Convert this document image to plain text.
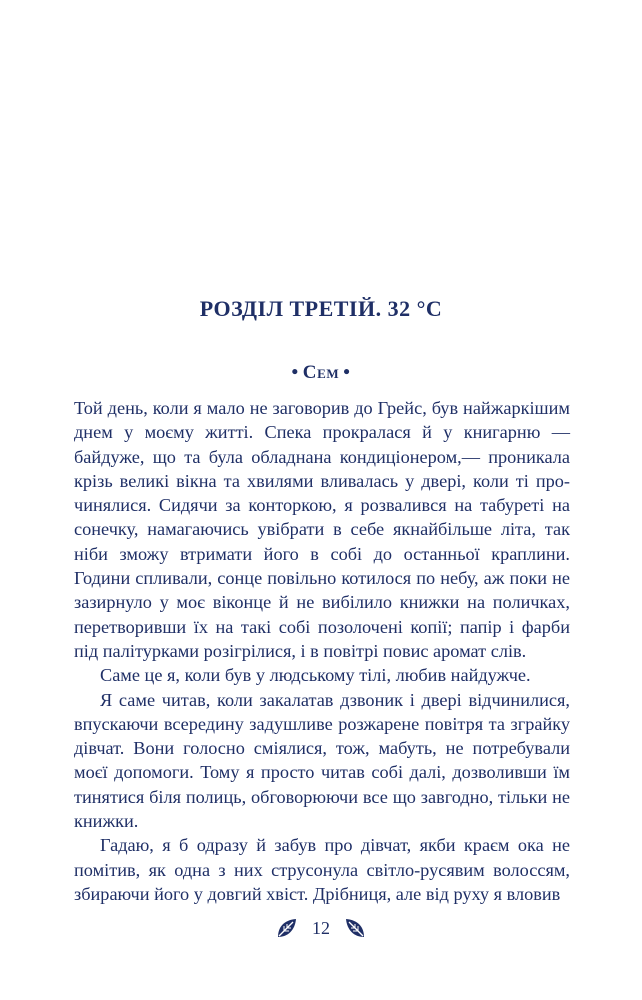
РОЗДІЛ ТРЕТІЙ. 32 °C
• Сем •

Той день, коли я мало не заговорив до Грейс, був найжаркішим днем у моєму житті. Спека прокралася й у книгарню — байдуже, що та була обладнана кондиціонером,— проникала крізь великі вікна та хвилями вливалась у двері, коли ті прочинялися. Сидячи за конторкою, я розвалився на табуреті на сонечку, намагаючись увібрати в себе якнайбільше літа, так ніби зможу втримати його в собі до останньої краплини. Години спливали, сонце повільно котилося по небу, аж поки не зазирнуло у моє віконце й не вибілило книжки на поличках, перетворивши їх на такі собі позолочені копії; папір і фарби під палітурками розігрілися, і в повітрі повис аромат слів.

Саме це я, коли був у людському тілі, любив найдужче.

Я саме читав, коли закалатав дзвоник і двері відчинилися, впускаючи всередину задушливе розжарене повітря та зграйку дівчат. Вони голосно сміялися, тож, мабуть, не потребували моєї допомоги. Тому я просто читав собі далі, дозволивши їм тинятися біля полиць, обговорюючи все що завгодно, тільки не книжки.

Гадаю, я б одразу й забув про дівчат, якби краєм ока не помітив, як одна з них струсонула світло-русявим волоссям, збираючи його у довгий хвіст. Дрібниця, але від руху я вловив

12
